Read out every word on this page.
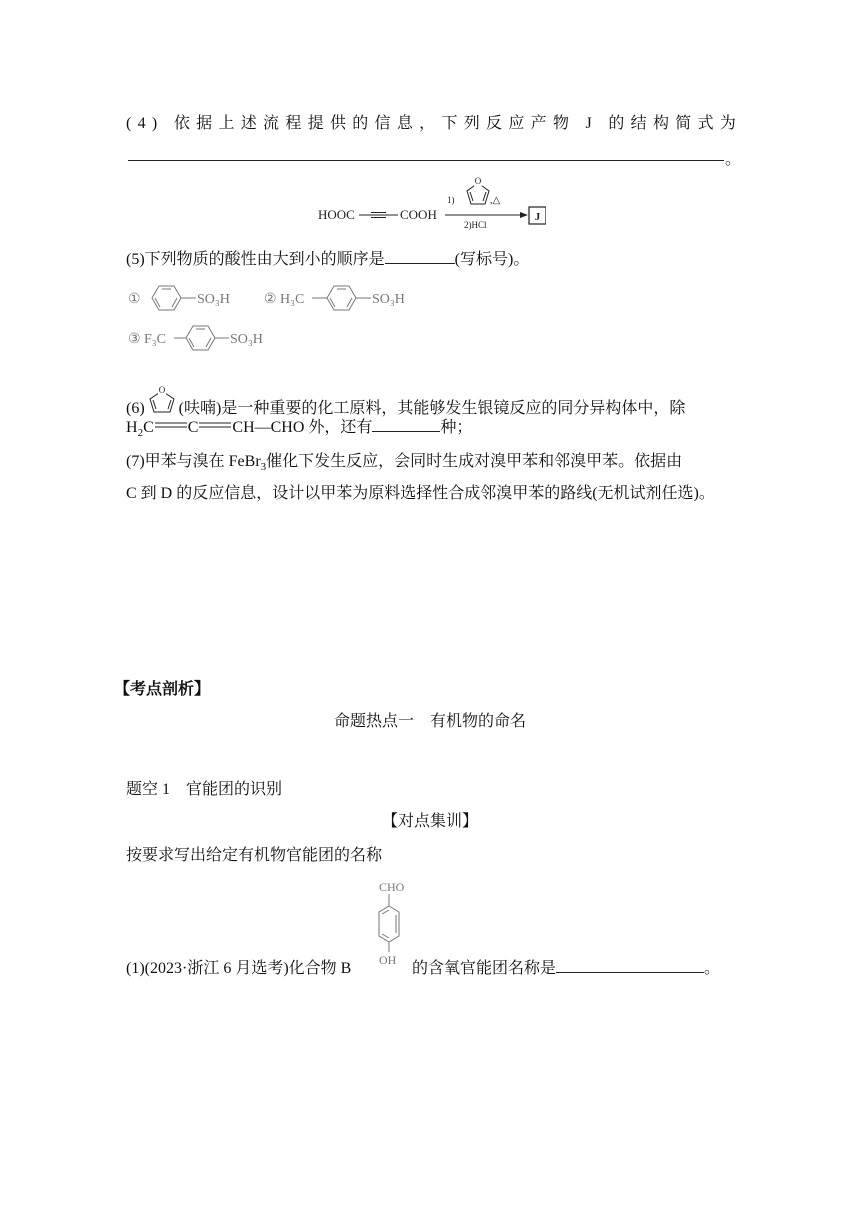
(4) 依据上述流程提供的信息，下列反应产物 J 的结构简式为
。
HOOC	COOH
1)
O
,△
2)HCl
J
(5)下列物质的酸性由大到小的顺序是	(写标号)。
①	SO₃H ② H₃C	SO₃H
③ F₃C	SO₃H
(6)
O
(呋喃)是一种重要的化工原料，其能够发生银镜反应的同分异构体中，除
$H_2C$ C CH—CHO 外，还有	种；
(7)甲苯与溴在 FeBr$_3$催化下发生反应，会同时生成对溴甲苯和邻溴甲苯。依据由
C 到 D 的反应信息，设计以甲苯为原料选择性合成邻溴甲苯的路线(无机试剂任选)。
【考点剖析】
命题热点一　有机物的命名
题空 1　官能团的识别
【对点集训】
按要求写出给定有机物官能团的名称
(1)(2023·浙江 6 月选考)化合物 B
CHO
OH 的含氧官能团名称是	。
